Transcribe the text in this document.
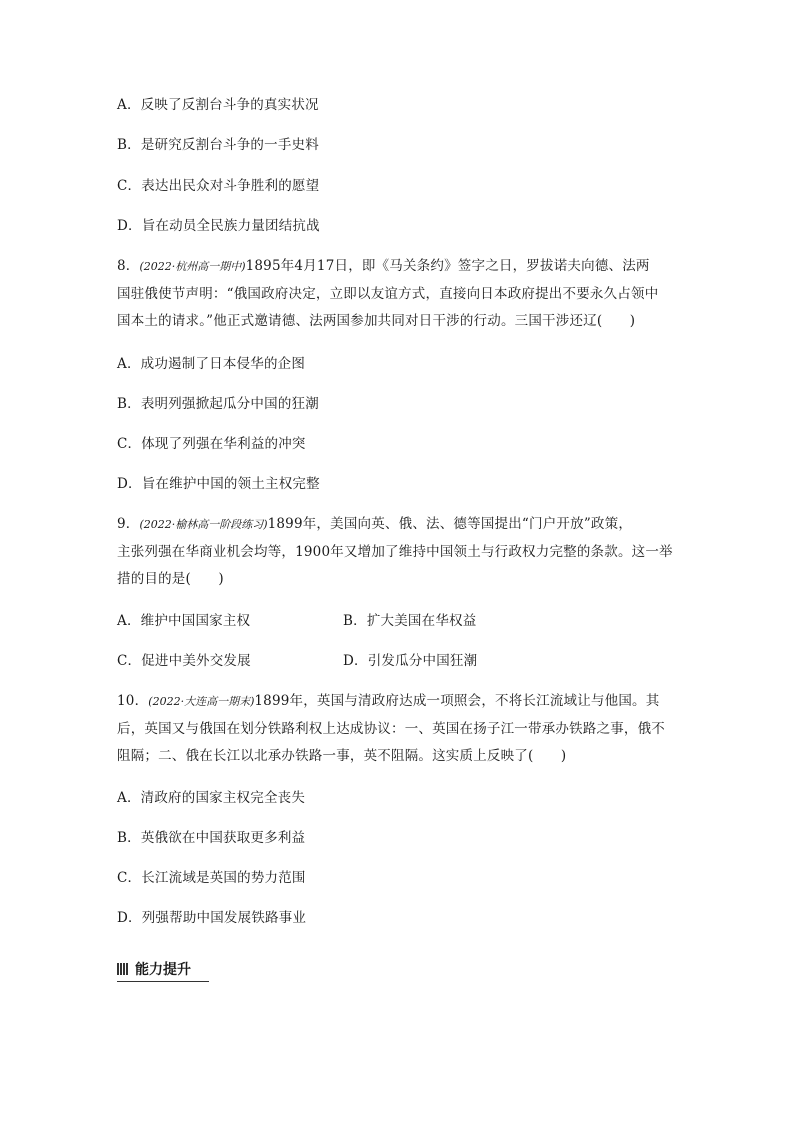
A．反映了反割台斗争的真实状况
B．是研究反割台斗争的一手史料
C．表达出民众对斗争胜利的愿望
D．旨在动员全民族力量团结抗战
8．(2022·杭州高一期中)1895年4月17日，即《马关条约》签字之日，罗拔诺夫向德、法两
国驻俄使节声明：“俄国政府决定，立即以友谊方式，直接向日本政府提出不要永久占领中
国本土的请求。”他正式邀请德、法两国参加共同对日干涉的行动。三国干涉还辽(　　)
A．成功遏制了日本侵华的企图
B．表明列强掀起瓜分中国的狂潮
C．体现了列强在华利益的冲突
D．旨在维护中国的领土主权完整
9．(2022·榆林高一阶段练习)1899年，美国向英、俄、法、德等国提出“门户开放”政策，
主张列强在华商业机会均等，1900年又增加了维持中国领土与行政权力完整的条款。这一举
措的目的是(　　)
A．维护中国国家主权	B．扩大美国在华权益
C．促进中美外交发展	D．引发瓜分中国狂潮
10．(2022·大连高一期末)1899年，英国与清政府达成一项照会，不将长江流域让与他国。其
后，英国又与俄国在划分铁路利权上达成协议：一、英国在扬子江一带承办铁路之事，俄不
阻隔；二、俄在长江以北承办铁路一事，英不阻隔。这实质上反映了(　　)
A．清政府的国家主权完全丧失
B．英俄欲在中国获取更多利益
C．长江流域是英国的势力范围
D．列强帮助中国发展铁路事业
能力提升
